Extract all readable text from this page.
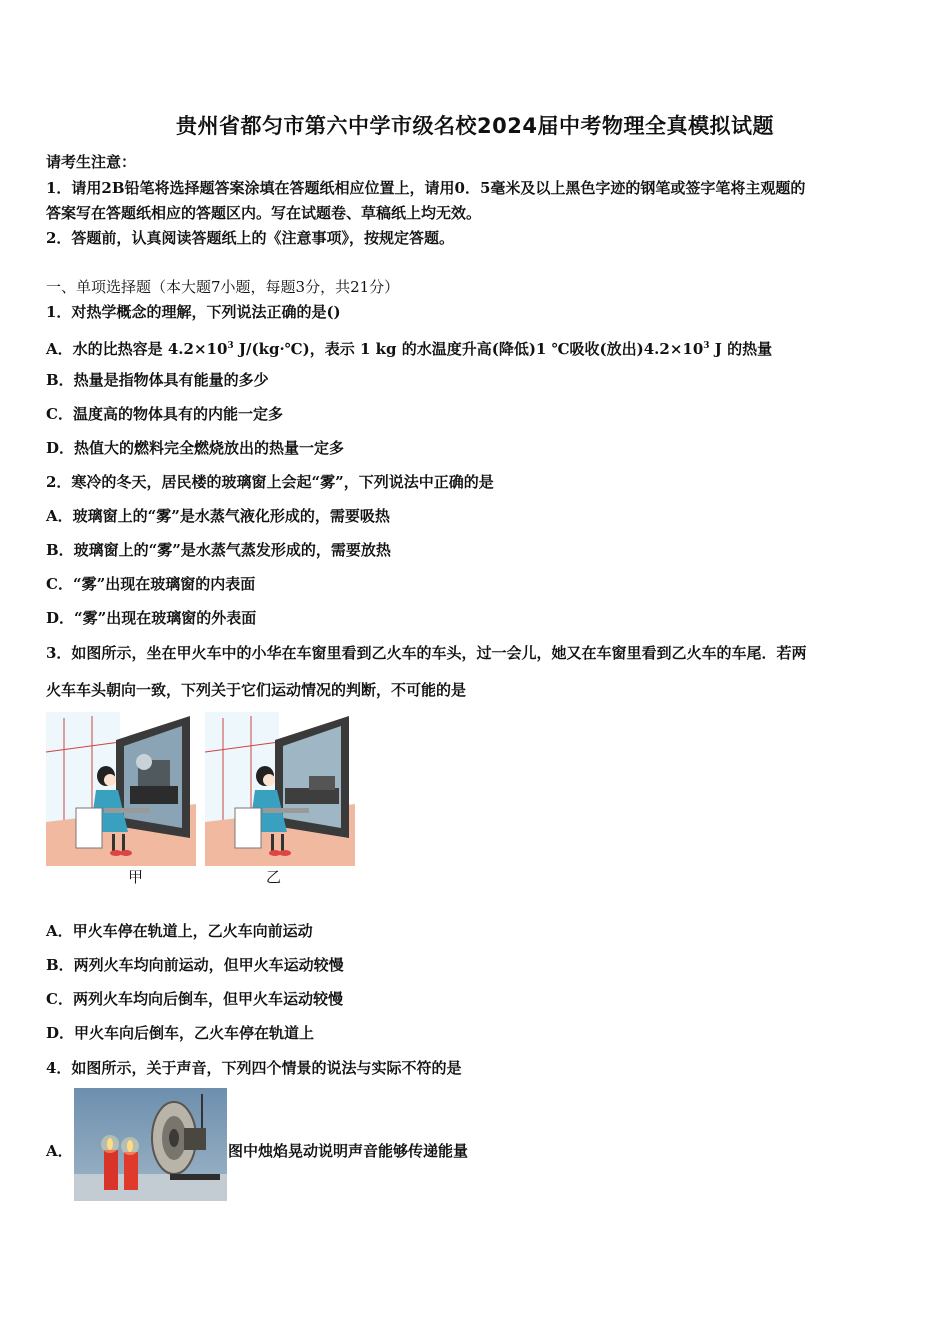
贵州省都匀市第六中学市级名校2024届中考物理全真模拟试题
请考生注意：
1．请用2B铅笔将选择题答案涂填在答题纸相应位置上，请用0．5毫米及以上黑色字迹的钢笔或签字笔将主观题的
答案写在答题纸相应的答题区内。写在试题卷、草稿纸上均无效。
2．答题前，认真阅读答题纸上的《注意事项》，按规定答题。
一、单项选择题（本大题7小题，每题3分，共21分）
1．对热学概念的理解，下列说法正确的是()
A．水的比热容是 $4.2\times 10^3$ J/(kg·℃)，表示 1 kg 的水温度升高(降低)1 ℃吸收(放出)$4.2\times 10^3$ J 的热量
B．热量是指物体具有能量的多少
C．温度高的物体具有的内能一定多
D．热值大的燃料完全燃烧放出的热量一定多
2．寒冷的冬天，居民楼的玻璃窗上会起“雾”，下列说法中正确的是
A．玻璃窗上的“雾”是水蒸气液化形成的，需要吸热
B．玻璃窗上的“雾”是水蒸气蒸发形成的，需要放热
C．“雾”出现在玻璃窗的内表面
D．“雾”出现在玻璃窗的外表面
3．如图所示，坐在甲火车中的小华在车窗里看到乙火车的车头，过一会儿，她又在车窗里看到乙火车的车尾．若两
火车车头朝向一致，下列关于它们运动情况的判断，不可能的是
甲	乙
A．甲火车停在轨道上，乙火车向前运动
B．两列火车均向前运动，但甲火车运动较慢
C．两列火车均向后倒车，但甲火车运动较慢
D．甲火车向后倒车，乙火车停在轨道上
4．如图所示，关于声音，下列四个情景的说法与实际不符的是
A．	图中烛焰晃动说明声音能够传递能量
